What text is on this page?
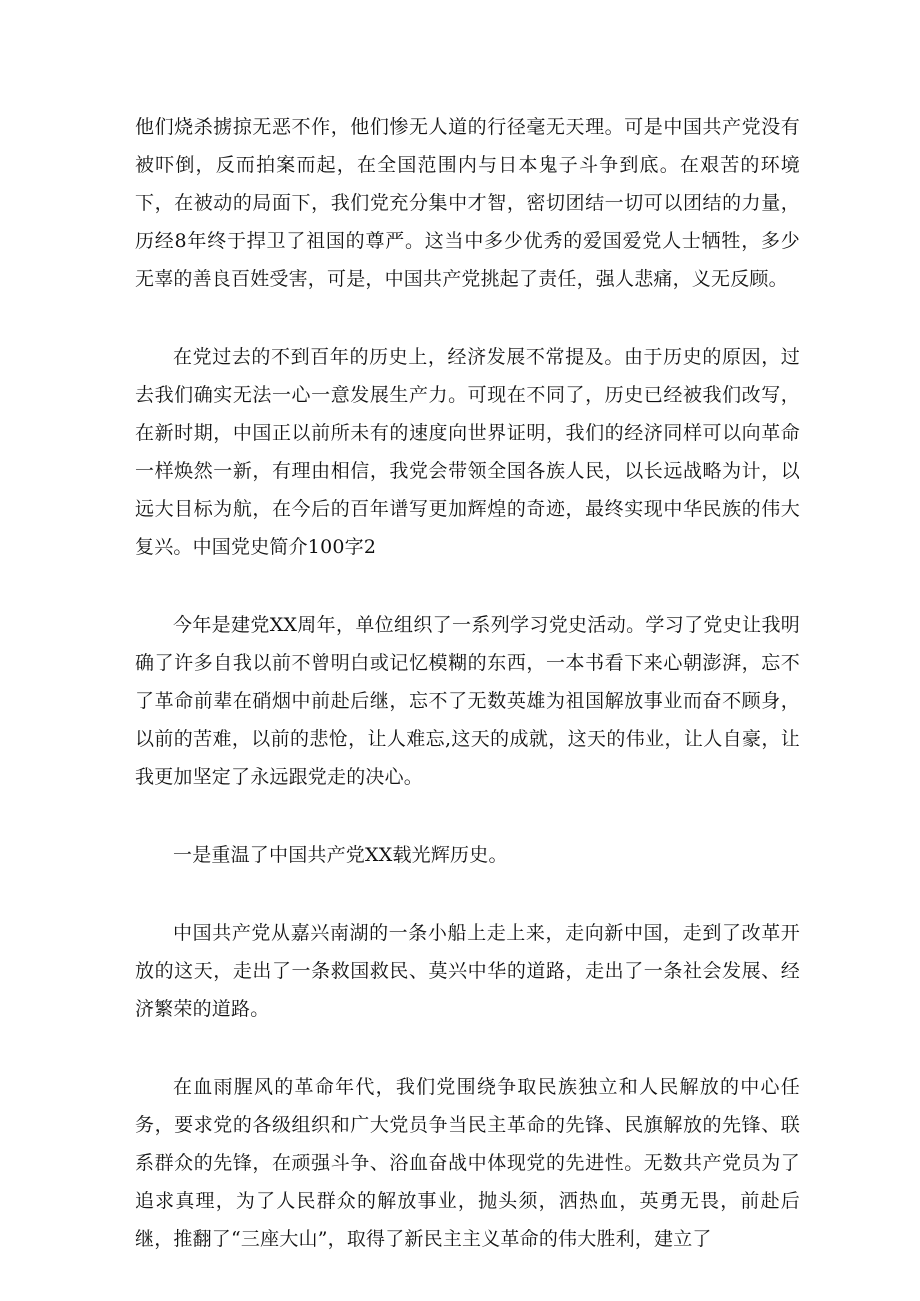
他们烧杀掳掠无恶不作，他们惨无人道的行径毫无天理。可是中国共产党没有被吓倒，反而拍案而起，在全国范围内与日本鬼子斗争到底。在艰苦的环境下，在被动的局面下，我们党充分集中才智，密切团结一切可以团结的力量，历经8年终于捍卫了祖国的尊严。这当中多少优秀的爱国爱党人士牺牲，多少无辜的善良百姓受害，可是，中国共产党挑起了责任，强人悲痛，义无反顾。

在党过去的不到百年的历史上，经济发展不常提及。由于历史的原因，过去我们确实无法一心一意发展生产力。可现在不同了，历史已经被我们改写，在新时期，中国正以前所未有的速度向世界证明，我们的经济同样可以向革命一样焕然一新，有理由相信，我党会带领全国各族人民，以长远战略为计，以远大目标为航，在今后的百年谱写更加辉煌的奇迹，最终实现中华民族的伟大复兴。中国党史简介100字2

今年是建党XX周年，单位组织了一系列学习党史活动。学习了党史让我明确了许多自我以前不曾明白或记忆模糊的东西，一本书看下来心朝澎湃，忘不了革命前辈在硝烟中前赴后继，忘不了无数英雄为祖国解放事业而奋不顾身，以前的苦难，以前的悲怆，让人难忘,这天的成就，这天的伟业，让人自豪，让我更加坚定了永远跟党走的决心。

一是重温了中国共产党XX载光辉历史。

中国共产党从嘉兴南湖的一条小船上走上来，走向新中国，走到了改革开放的这天，走出了一条救国救民、莫兴中华的道路，走出了一条社会发展、经济繁荣的道路。

在血雨腥风的革命年代，我们党围绕争取民族独立和人民解放的中心任务，要求党的各级组织和广大党员争当民主革命的先锋、民旗解放的先锋、联系群众的先锋，在顽强斗争、浴血奋战中体现党的先进性。无数共产党员为了追求真理，为了人民群众的解放事业，抛头须，洒热血，英勇无畏，前赴后继，推翻了“三座大山”，取得了新民主主义革命的伟大胜利，建立了
